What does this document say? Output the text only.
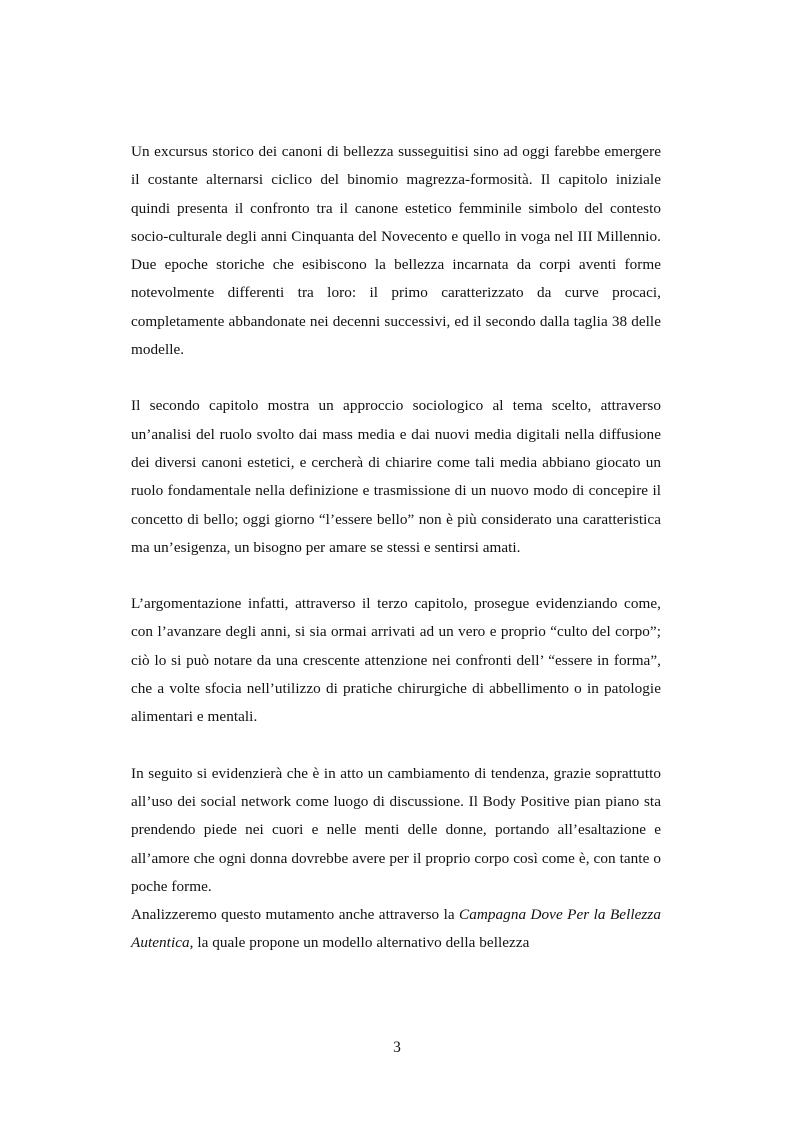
Un excursus storico dei canoni di bellezza susseguitisi sino ad oggi farebbe emergere il costante alternarsi ciclico del binomio magrezza-formosità. Il capitolo iniziale quindi presenta il confronto tra il canone estetico femminile simbolo del contesto socio-culturale degli anni Cinquanta del Novecento e quello in voga nel III Millennio. Due epoche storiche che esibiscono la bellezza incarnata da corpi aventi forme notevolmente differenti tra loro: il primo caratterizzato da curve procaci, completamente abbandonate nei decenni successivi, ed il secondo dalla taglia 38 delle modelle.

Il secondo capitolo mostra un approccio sociologico al tema scelto, attraverso un’analisi del ruolo svolto dai mass media e dai nuovi media digitali nella diffusione dei diversi canoni estetici, e cercherà di chiarire come tali media abbiano giocato un ruolo fondamentale nella definizione e trasmissione di un nuovo modo di concepire il concetto di bello; oggi giorno “l’essere bello” non è più considerato una caratteristica ma un’esigenza, un bisogno per amare se stessi e sentirsi amati.

L’argomentazione infatti, attraverso il terzo capitolo, prosegue evidenziando come, con l’avanzare degli anni, si sia ormai arrivati ad un vero e proprio “culto del corpo”; ciò lo si può notare da una crescente attenzione nei confronti dell’ “essere in forma”, che a volte sfocia nell’utilizzo di pratiche chirurgiche di abbellimento o in patologie alimentari e mentali.

In seguito si evidenzierà che è in atto un cambiamento di tendenza, grazie soprattutto all’uso dei social network come luogo di discussione. Il Body Positive pian piano sta prendendo piede nei cuori e nelle menti delle donne, portando all’esaltazione e all’amore che ogni donna dovrebbe avere per il proprio corpo così come è, con tante o poche forme.

Analizzeremo questo mutamento anche attraverso la Campagna Dove Per la Bellezza Autentica, la quale propone un modello alternativo della bellezza

3
